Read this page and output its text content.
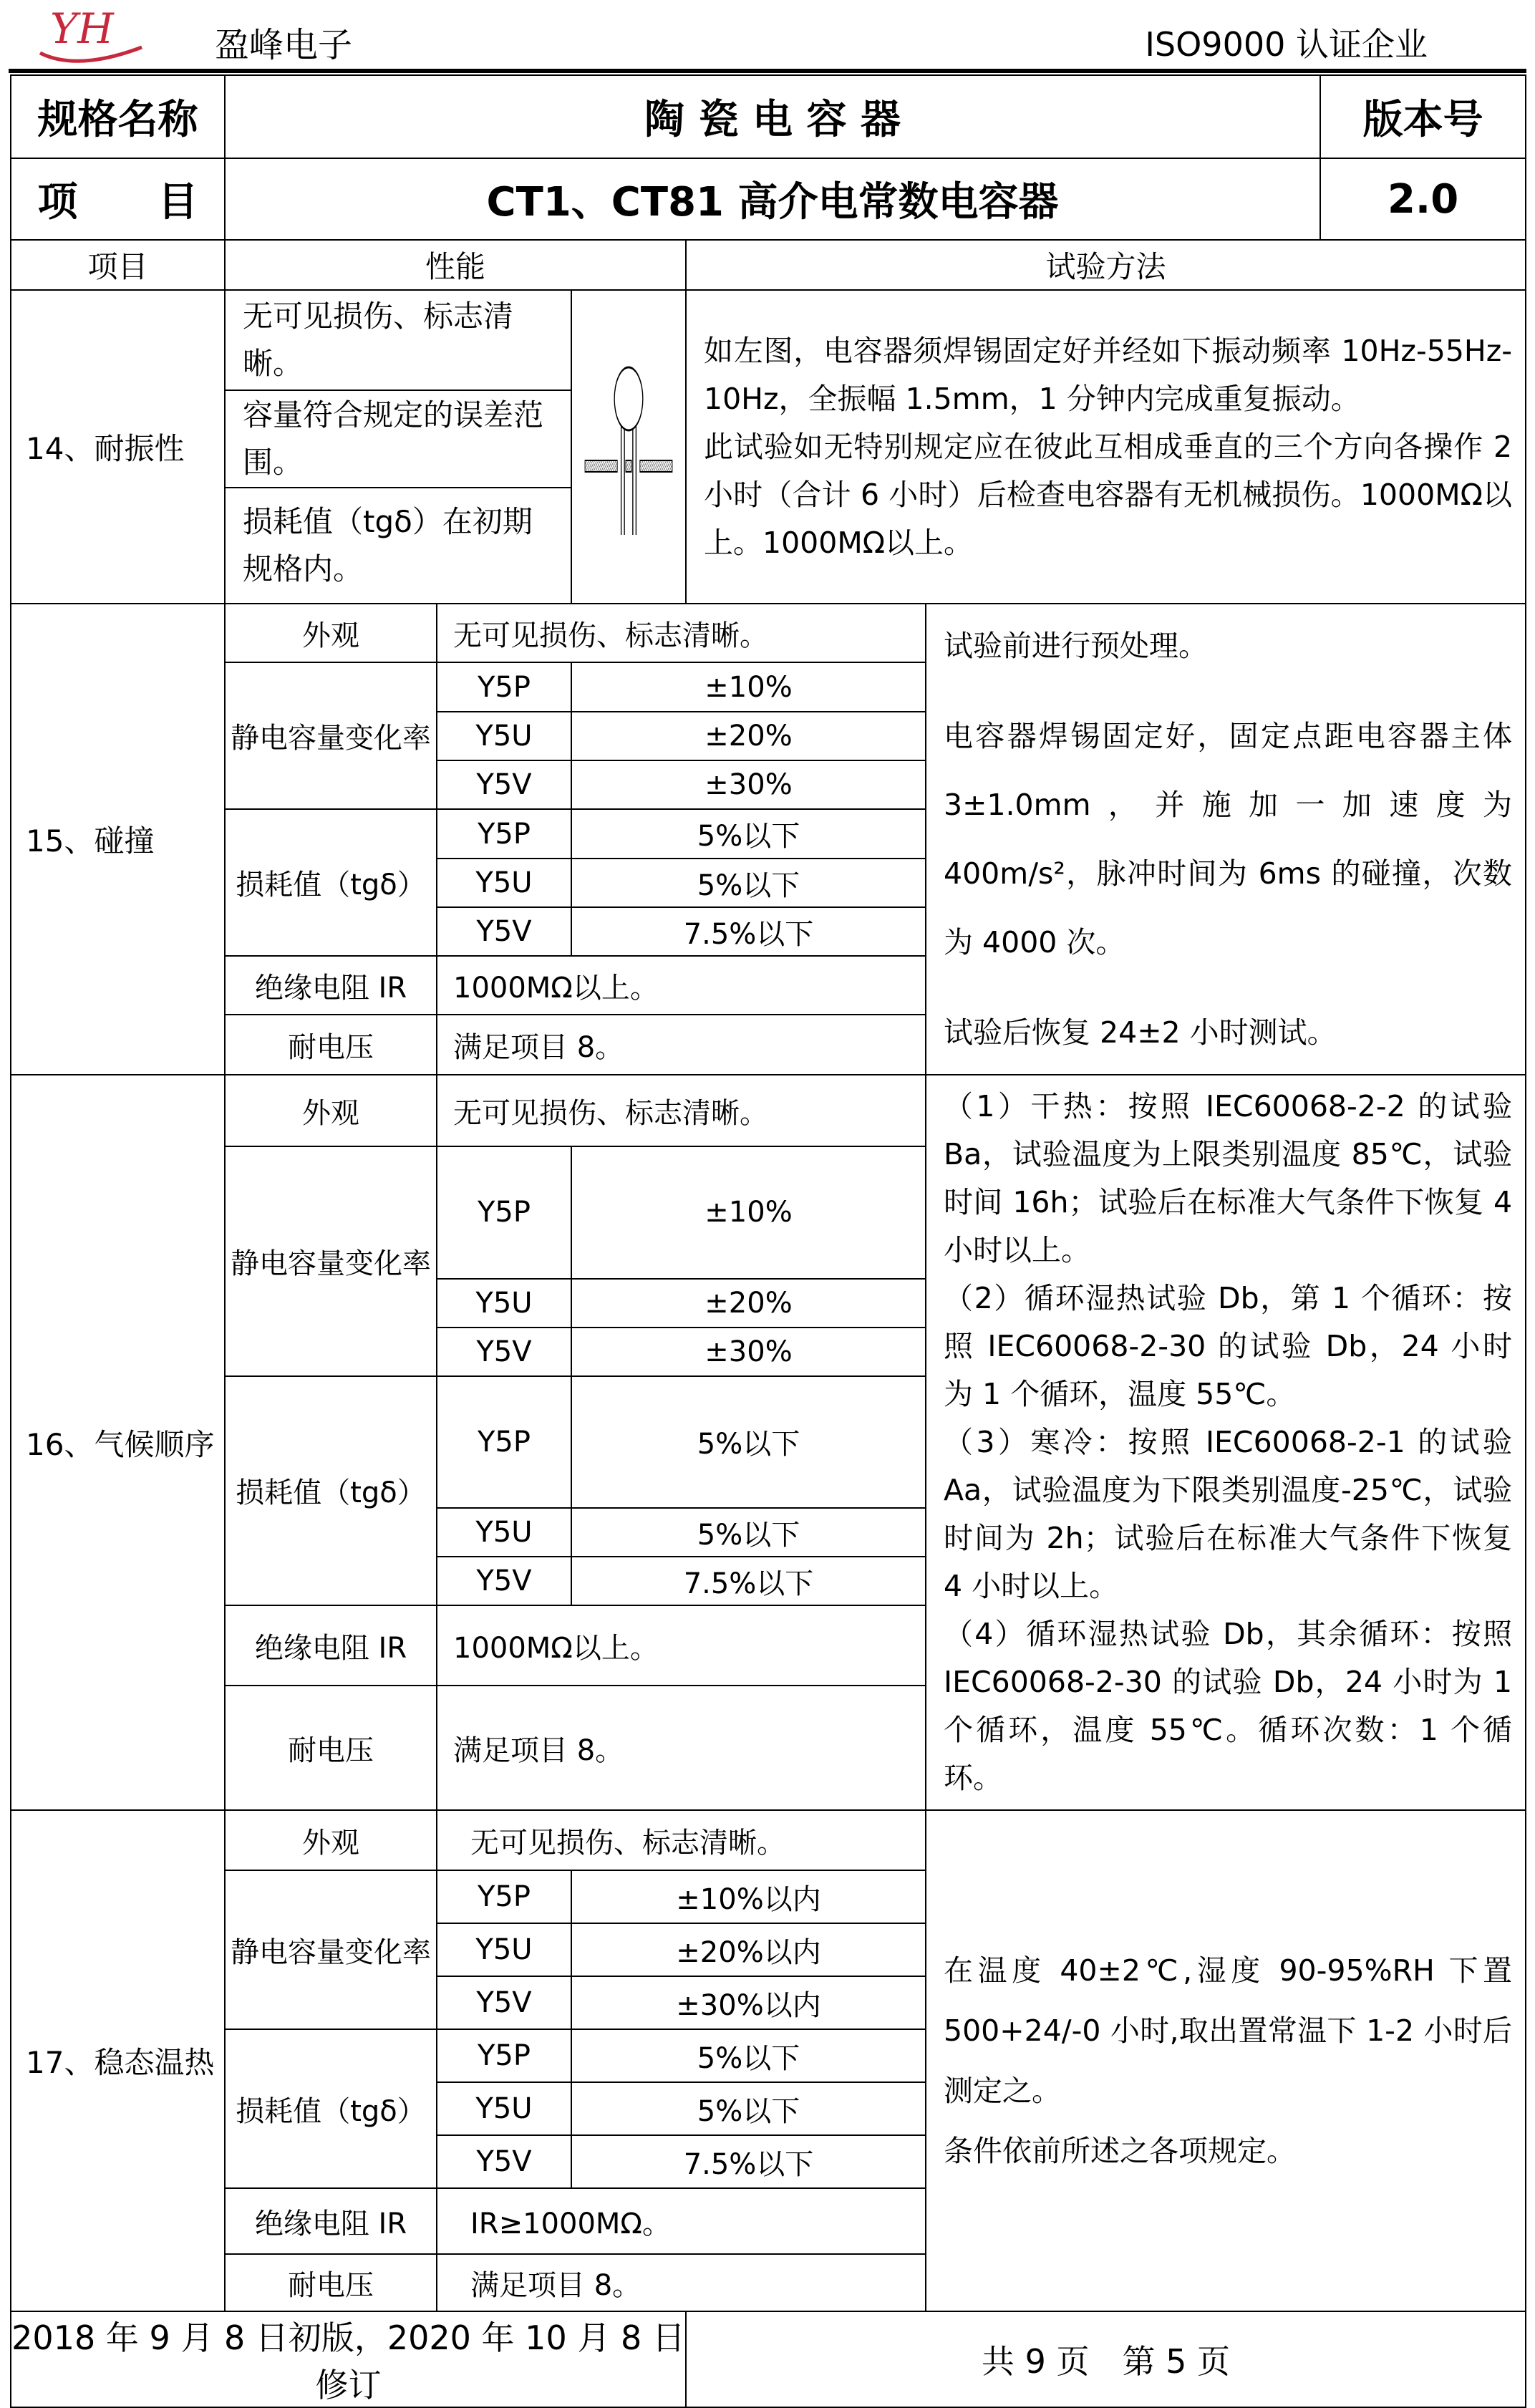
YH	盈峰电子	ISO9000 认证企业
规格名称	陶 瓷 电 容 器					版本号
项　　目	CT1、CT81 高介电常数电容器					2.0
项目	性能			试验方法		
14、耐振性	无可见损伤、标志清晰。			如左图，电容器须焊锡固定好并经如下振动频率 10Hz-55Hz-10Hz，全振幅 1.5mm，1 分钟内完成重复振动。

此试验如无特别规定应在彼此互相成垂直的三个方向各操作 2 小时（合计 6 小时）后检查电容器有无机械损伤。1000MΩ以上。1000MΩ以上。		

	容量符合规定的误差范围。					
	损耗值（tgδ）在初期规格内。					
15、碰撞	外观	无可见损伤、标志清晰。			试验前进行预处理。

电容器焊锡固定好，固定点距电容器主体 3±1.0mm，并施加一加速度为 400m/s²，脉冲时间为 6ms 的碰撞，次数为 4000 次。

试验后恢复 24±2 小时测试。	

	静电容量变化率	Y5P	±10%			
		Y5U	±20%			
		Y5V	±30%			
	损耗值（tgδ）	Y5P	5%以下			
		Y5U	5%以下			
		Y5V	7.5%以下			
	绝缘电阻 IR	1000MΩ以上。				
	耐电压	满足项目 8。				

16、气候顺序	外观	无可见损伤、标志清晰。			（1）干热：按照 IEC60068-2-2 的试验 Ba，试验温度为上限类别温度 85℃，试验时间 16h；试验后在标准大气条件下恢复 4 小时以上。

（2）循环湿热试验 Db，第 1 个循环：按照 IEC60068-2-30 的试验 Db，24 小时为 1 个循环，温度 55℃。

（3）寒冷：按照 IEC60068-2-1 的试验 Aa，试验温度为下限类别温度-25℃，试验时间为 2h；试验后在标准大气条件下恢复 4 小时以上。

（4）循环湿热试验 Db，其余循环：按照 IEC60068-2-30 的试验 Db，24 小时为 1 个循环，温度 55℃。循环次数：1 个循环。	

	静电容量变化率	Y5P	±10%			
		Y5U	±20%			
		Y5V	±30%			
	损耗值（tgδ）	Y5P	5%以下			
		Y5U	5%以下			
		Y5V	7.5%以下			
	绝缘电阻 IR	1000MΩ以上。				
	耐电压	满足项目 8。				
17、稳态温热	外观	无可见损伤、标志清晰。			在温度 40±2℃,湿度 90-95%RH 下置 500+24/-0 小时,取出置常温下 1-2 小时后测定之。

条件依前所述之各项规定。	

	静电容量变化率	Y5P	±10%以内			
		Y5U	±20%以内			
		Y5V	±30%以内			
	损耗值（tgδ）	Y5P	5%以下			
		Y5U	5%以下			
		Y5V	7.5%以下			
	绝缘电阻 IR	IR≥1000MΩ。				
	耐电压	满足项目 8。				
2018 年 9 月 8 日初版，2020 年 10 月 8 日修订				共 9 页　第 5 页		
